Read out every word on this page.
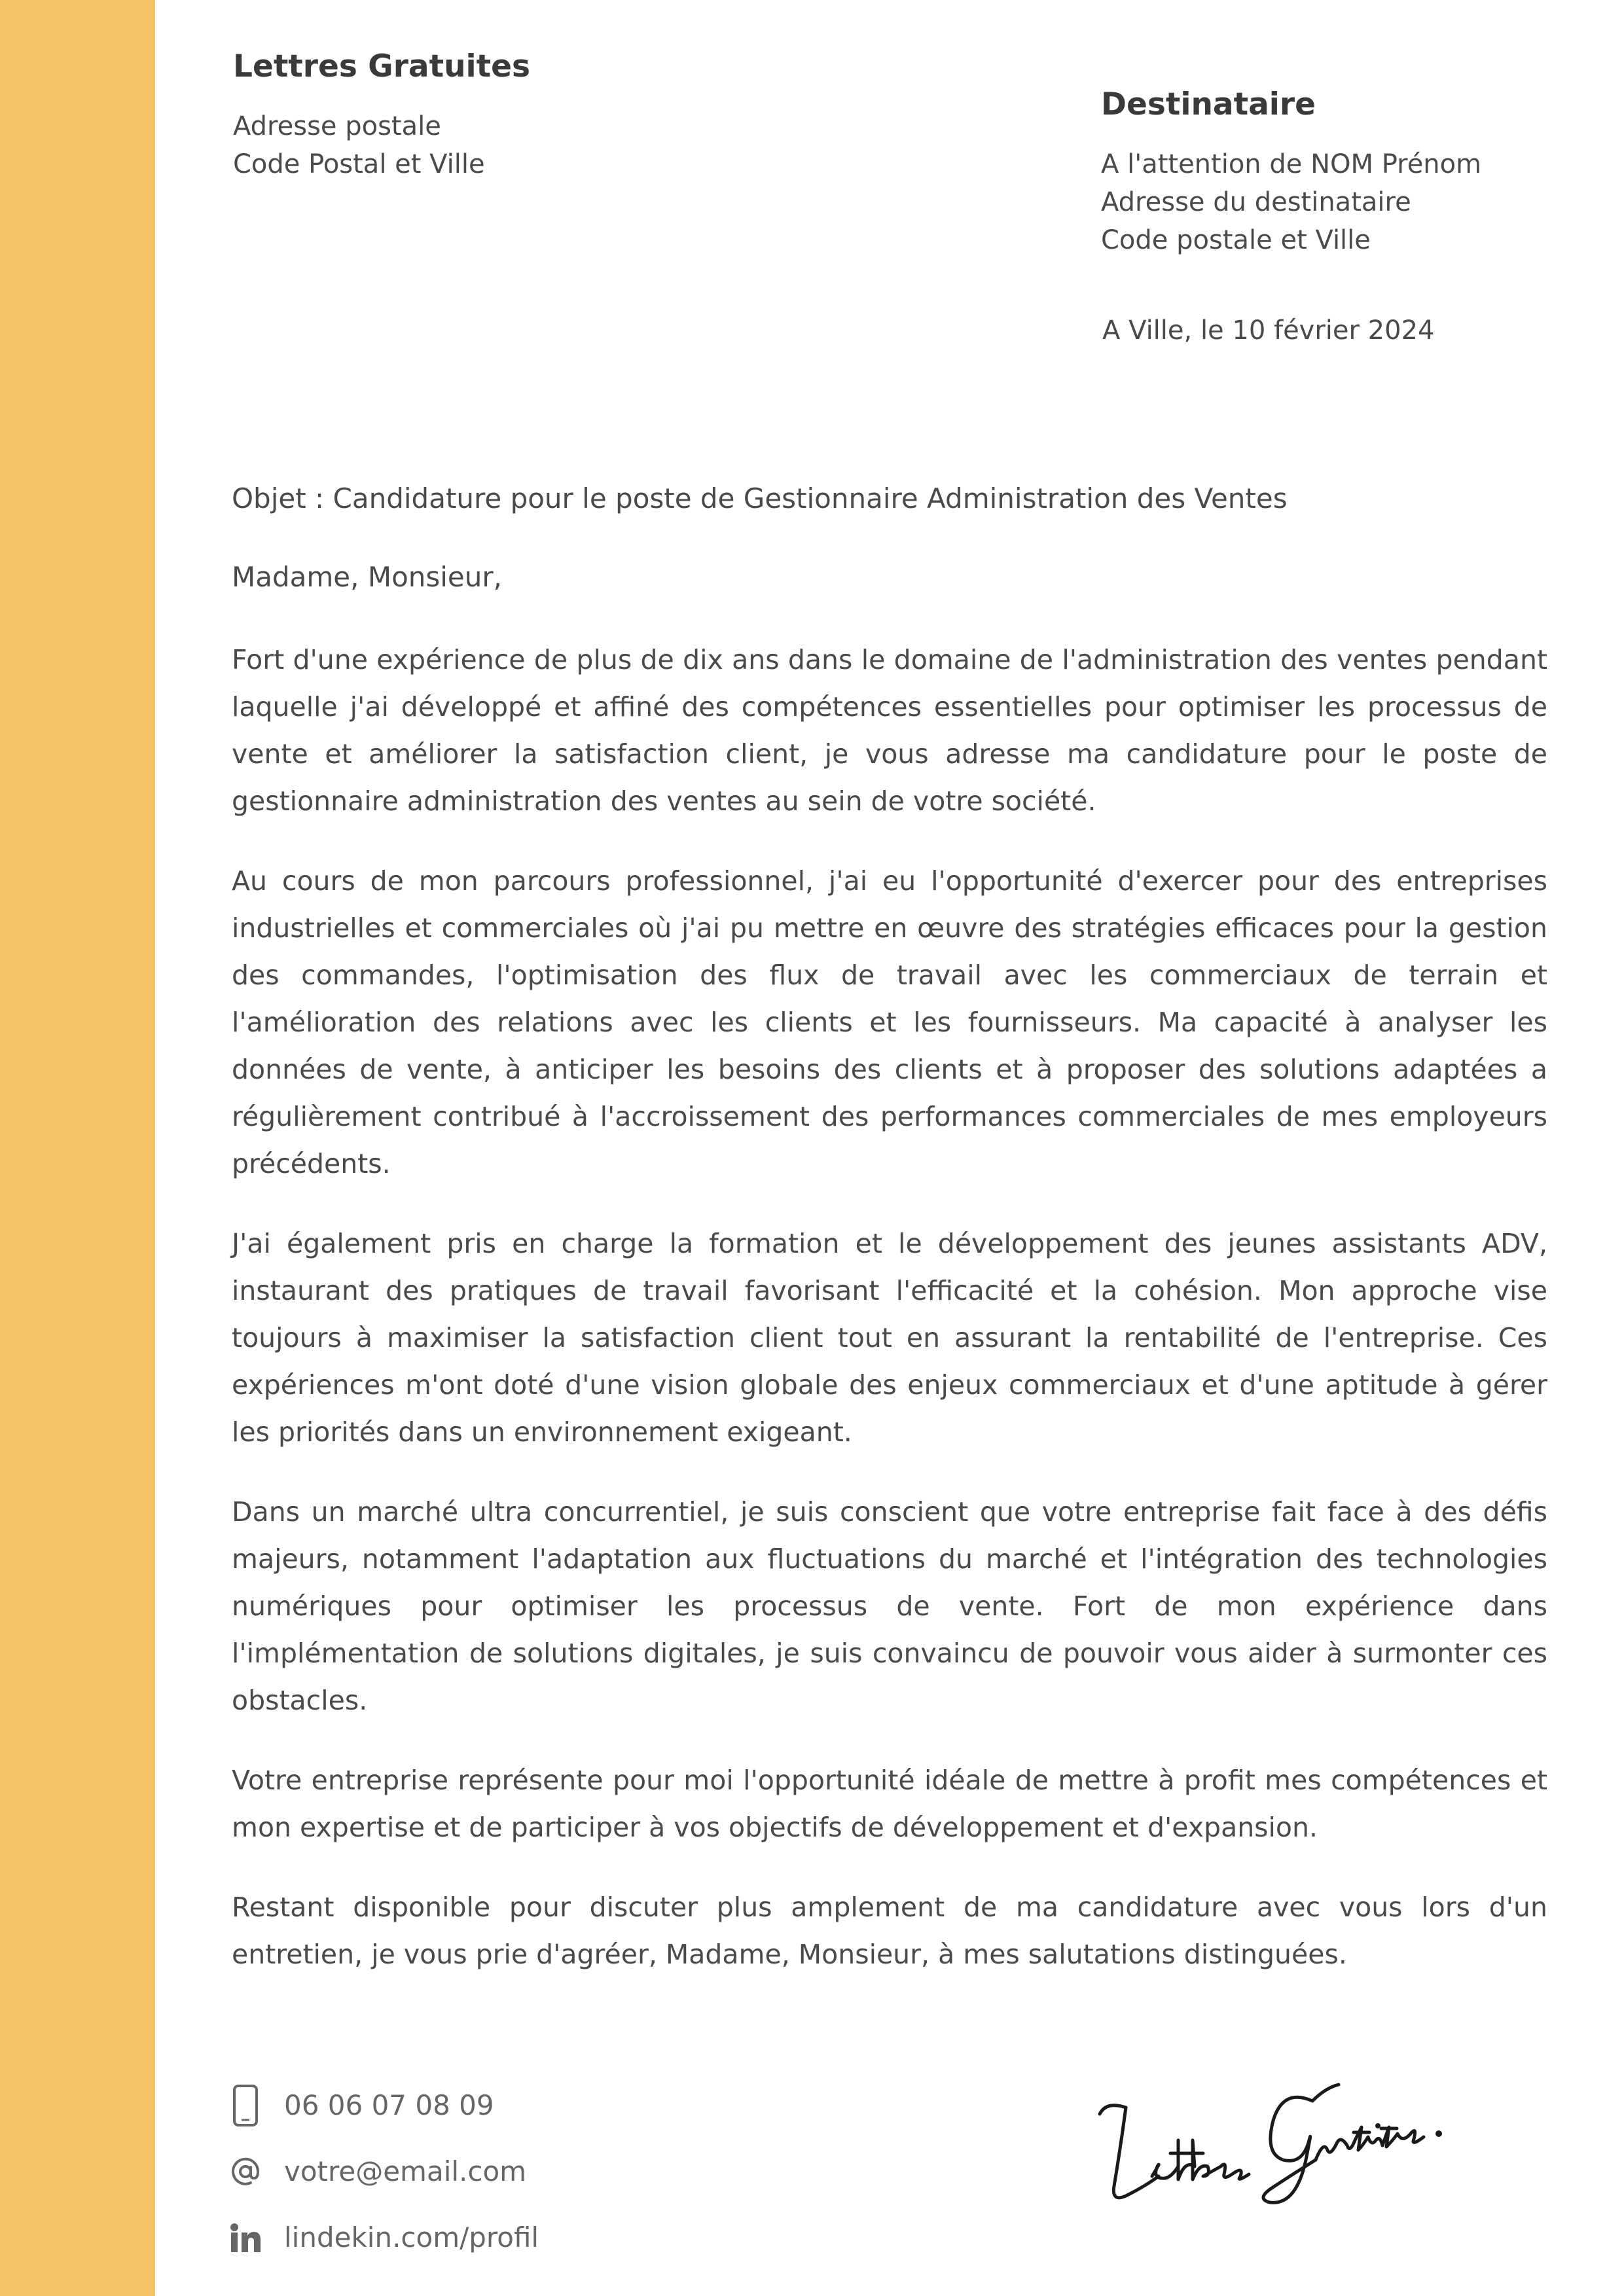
Lettres Gratuites
Adresse postale
Code Postal et Ville
Destinataire
A l'attention de NOM Prénom
Adresse du destinataire
Code postale et Ville
A Ville, le 10 février 2024
Objet : Candidature pour le poste de Gestionnaire Administration des Ventes
Madame, Monsieur,

Fort d'une expérience de plus de dix ans dans le domaine de l'administration des ventes pendant laquelle j'ai développé et affiné des compétences essentielles pour optimiser les processus de vente et améliorer la satisfaction client, je vous adresse ma candidature pour le poste de gestionnaire administration des ventes au sein de votre société.

Au cours de mon parcours professionnel, j'ai eu l'opportunité d'exercer pour des entreprises industrielles et commerciales où j'ai pu mettre en œuvre des stratégies efficaces pour la gestion des commandes, l'optimisation des flux de travail avec les commerciaux de terrain et l'amélioration des relations avec les clients et les fournisseurs. Ma capacité à analyser les données de vente, à anticiper les besoins des clients et à proposer des solutions adaptées a régulièrement contribué à l'accroissement des performances commerciales de mes employeurs précédents.

J'ai également pris en charge la formation et le développement des jeunes assistants ADV, instaurant des pratiques de travail favorisant l'efficacité et la cohésion. Mon approche vise toujours à maximiser la satisfaction client tout en assurant la rentabilité de l'entreprise. Ces expériences m'ont doté d'une vision globale des enjeux commerciaux et d'une aptitude à gérer les priorités dans un environnement exigeant.

Dans un marché ultra concurrentiel, je suis conscient que votre entreprise fait face à des défis majeurs, notamment l'adaptation aux fluctuations du marché et l'intégration des technologies numériques pour optimiser les processus de vente. Fort de mon expérience dans l'implémentation de solutions digitales, je suis convaincu de pouvoir vous aider à surmonter ces obstacles.

Votre entreprise représente pour moi l'opportunité idéale de mettre à profit mes compétences et mon expertise et de participer à vos objectifs de développement et d'expansion.

Restant disponible pour discuter plus amplement de ma candidature avec vous lors d'un entretien, je vous prie d'agréer, Madame, Monsieur, à mes salutations distinguées.

06 06 07 08 09
votre@email.com
lindekin.com/profil
